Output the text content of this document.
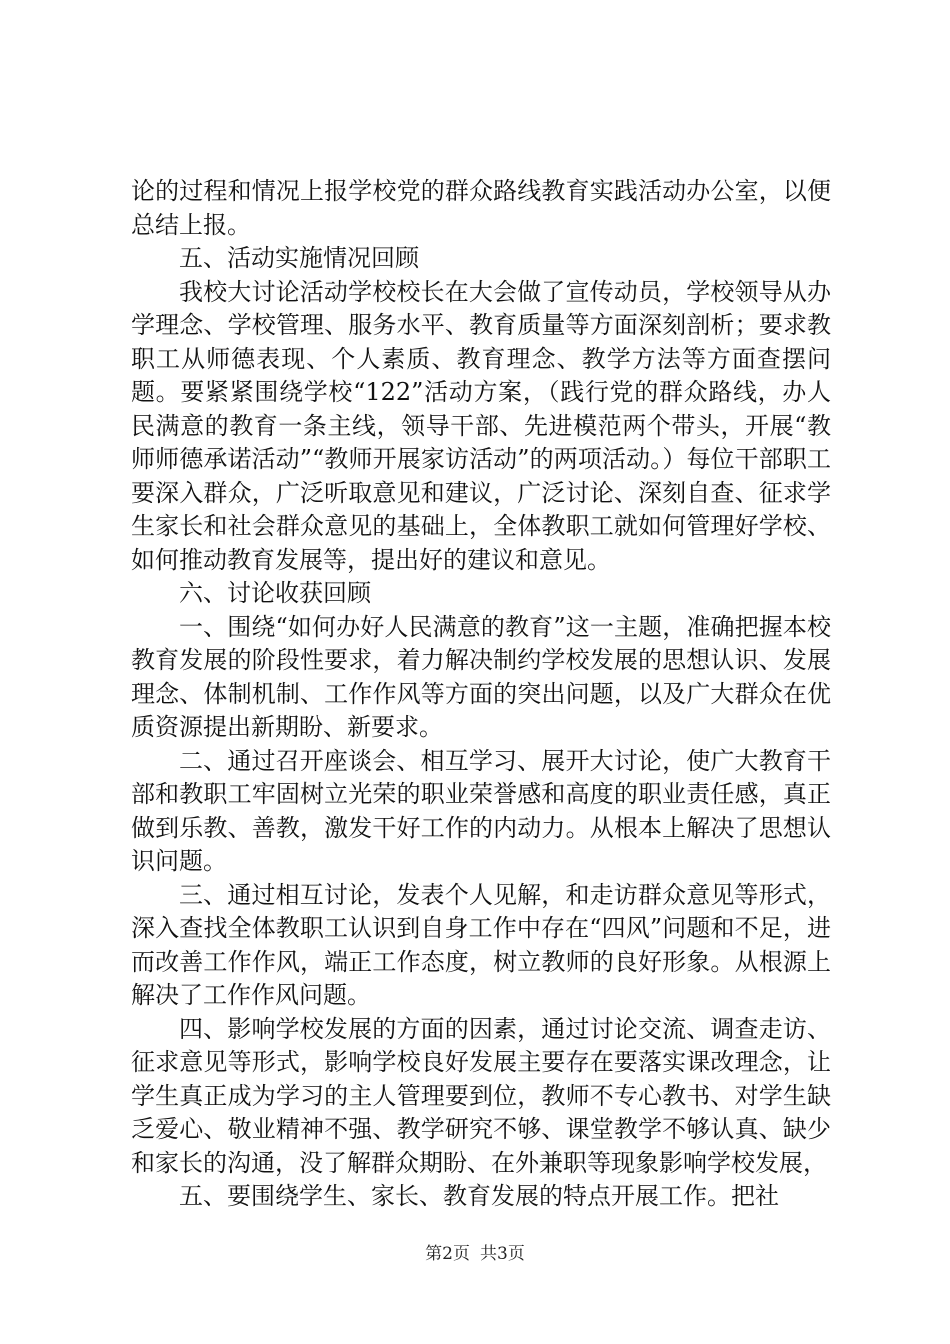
论的过程和情况上报学校党的群众路线教育实践活动办公室，以便总结上报。

五、活动实施情况回顾

我校大讨论活动学校校长在大会做了宣传动员，学校领导从办学理念、学校管理、服务水平、教育质量等方面深刻剖析；要求教职工从师德表现、个人素质、教育理念、教学方法等方面查摆问题。要紧紧围绕学校“122”活动方案，（践行党的群众路线，办人民满意的教育一条主线，领导干部、先进模范两个带头，开展“教师师德承诺活动”“教师开展家访活动”的两项活动。）每位干部职工要深入群众，广泛听取意见和建议，广泛讨论、深刻自查、征求学生家长和社会群众意见的基础上，全体教职工就如何管理好学校、如何推动教育发展等，提出好的建议和意见。

六、讨论收获回顾

一、围绕“如何办好人民满意的教育”这一主题，准确把握本校教育发展的阶段性要求，着力解决制约学校发展的思想认识、发展理念、体制机制、工作作风等方面的突出问题，以及广大群众在优质资源提出新期盼、新要求。

二、通过召开座谈会、相互学习、展开大讨论，使广大教育干部和教职工牢固树立光荣的职业荣誉感和高度的职业责任感，真正做到乐教、善教，激发干好工作的内动力。从根本上解决了思想认识问题。

三、通过相互讨论，发表个人见解，和走访群众意见等形式，深入查找全体教职工认识到自身工作中存在“四风”问题和不足，进而改善工作作风，端正工作态度，树立教师的良好形象。从根源上解决了工作作风问题。

四、影响学校发展的方面的因素，通过讨论交流、调查走访、征求意见等形式，影响学校良好发展主要存在要落实课改理念，让学生真正成为学习的主人管理要到位，教师不专心教书、对学生缺乏爱心、敬业精神不强、教学研究不够、课堂教学不够认真、缺少和家长的沟通，没了解群众期盼、在外兼职等现象影响学校发展，

五、要围绕学生、家长、教育发展的特点开展工作。把社

第2页 共3页
